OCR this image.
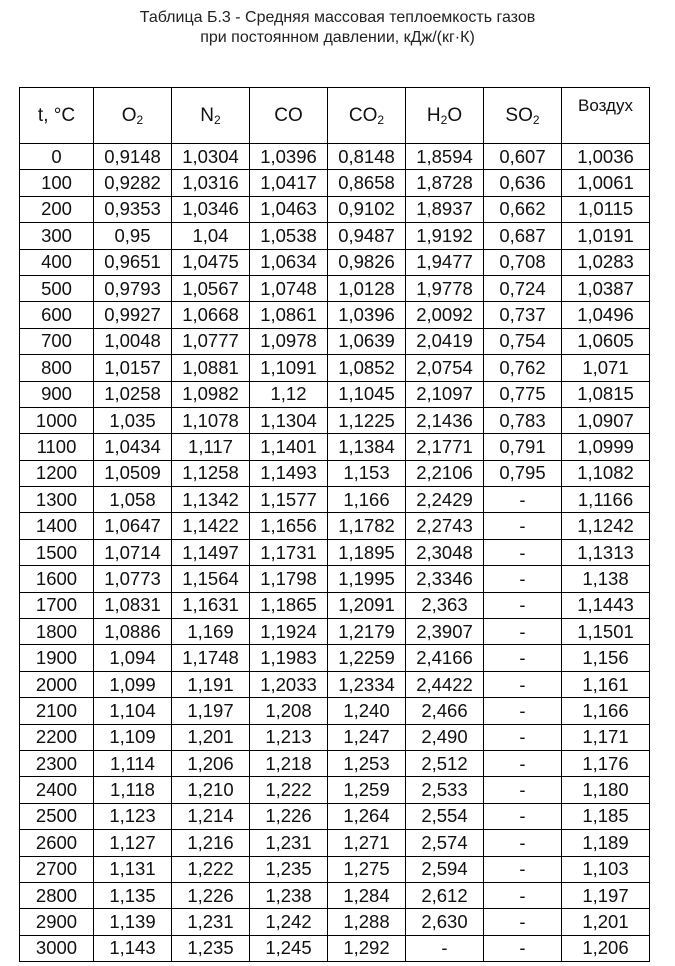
Таблица Б.3 - Средняя массовая теплоемкость газов
при постоянном давлении, кДж/(кг·К)
t, °C	$O_2$	$N_2$	CO	$CO_2$	$H_2O$	$SO_2$	Воздух
0	0,9148	1,0304	1,0396	0,8148	1,8594	0,607	1,0036
100	0,9282	1,0316	1,0417	0,8658	1,8728	0,636	1,0061
200	0,9353	1,0346	1,0463	0,9102	1,8937	0,662	1,0115
300	0,95	1,04	1,0538	0,9487	1,9192	0,687	1,0191
400	0,9651	1,0475	1,0634	0,9826	1,9477	0,708	1,0283
500	0,9793	1,0567	1,0748	1,0128	1,9778	0,724	1,0387
600	0,9927	1,0668	1,0861	1,0396	2,0092	0,737	1,0496
700	1,0048	1,0777	1,0978	1,0639	2,0419	0,754	1,0605
800	1,0157	1,0881	1,1091	1,0852	2,0754	0,762	1,071
900	1,0258	1,0982	1,12	1,1045	2,1097	0,775	1,0815
1000	1,035	1,1078	1,1304	1,1225	2,1436	0,783	1,0907
1100	1,0434	1,117	1,1401	1,1384	2,1771	0,791	1,0999
1200	1,0509	1,1258	1,1493	1,153	2,2106	0,795	1,1082
1300	1,058	1,1342	1,1577	1,166	2,2429	-	1,1166
1400	1,0647	1,1422	1,1656	1,1782	2,2743	-	1,1242
1500	1,0714	1,1497	1,1731	1,1895	2,3048	-	1,1313
1600	1,0773	1,1564	1,1798	1,1995	2,3346	-	1,138
1700	1,0831	1,1631	1,1865	1,2091	2,363	-	1,1443
1800	1,0886	1,169	1,1924	1,2179	2,3907	-	1,1501
1900	1,094	1,1748	1,1983	1,2259	2,4166	-	1,156
2000	1,099	1,191	1,2033	1,2334	2,4422	-	1,161
2100	1,104	1,197	1,208	1,240	2,466	-	1,166
2200	1,109	1,201	1,213	1,247	2,490	-	1,171
2300	1,114	1,206	1,218	1,253	2,512	-	1,176
2400	1,118	1,210	1,222	1,259	2,533	-	1,180
2500	1,123	1,214	1,226	1,264	2,554	-	1,185
2600	1,127	1,216	1,231	1,271	2,574	-	1,189
2700	1,131	1,222	1,235	1,275	2,594	-	1,103
2800	1,135	1,226	1,238	1,284	2,612	-	1,197
2900	1,139	1,231	1,242	1,288	2,630	-	1,201
3000	1,143	1,235	1,245	1,292	-	-	1,206
